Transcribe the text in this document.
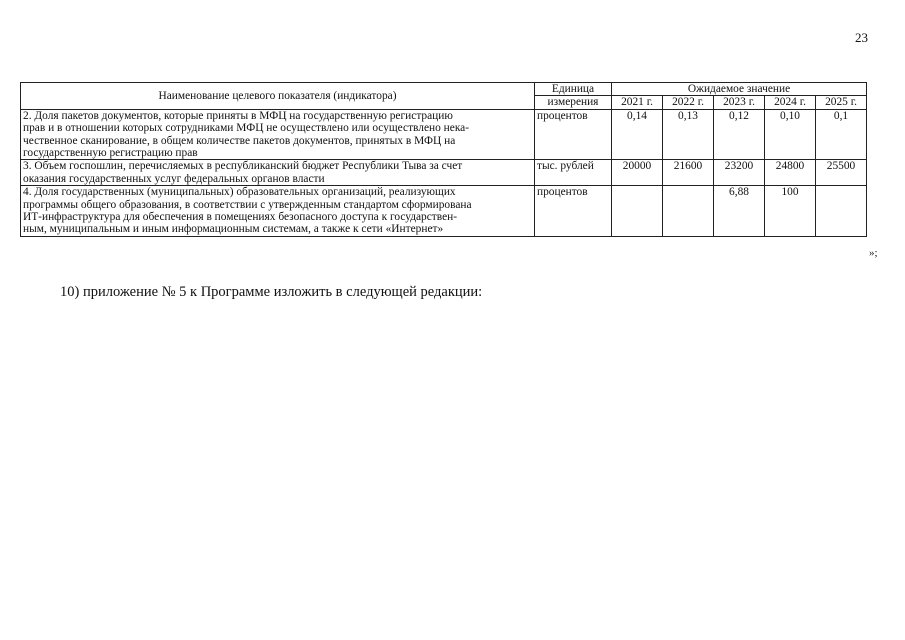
23
Наименование целевого показателя (индикатора)	Единица	Ожидаемое значение				
	измерения	2021 г.	2022 г.	2023 г.	2024 г.	2025 г.

2. Доля пакетов документов, которые приняты в МФЦ на государственную регистрацию
прав и в отношении которых сотрудниками МФЦ не осуществлено или осуществлено нека-
чественное сканирование, в общем количестве пакетов документов, принятых в МФЦ на
государственную регистрацию прав	процентов	0,14	0,13	0,12	0,10	0,1

3. Объем госпошлин, перечисляемых в республиканский бюджет Республики Тыва за счет
оказания государственных услуг федеральных органов власти	тыс. рублей	20000	21600	23200	24800	25500

4. Доля государственных (муниципальных) образовательных организаций, реализующих
программы общего образования, в соответствии с утвержденным стандартом сформирована
ИТ-инфраструктура для обеспечения в помещениях безопасного доступа к государствен-
ным, муниципальным и иным информационным системам, а также к сети «Интернет»	процентов			6,88	100	
»;
10) приложение № 5 к Программе изложить в следующей редакции:
